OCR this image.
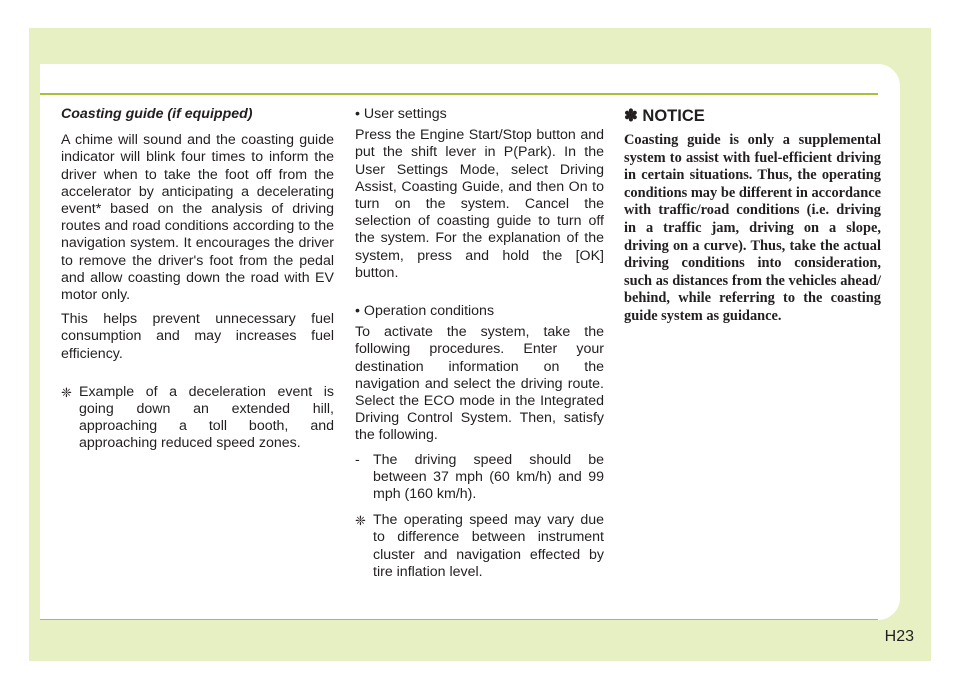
Coasting guide (if equipped)

A chime will sound and the coasting guide indicator will blink four times to inform the driver when to take the foot off from the accelerator by anticipating a decelerating event* based on the analysis of driving routes and road conditions according to the navigation system. It encourages the driver to remove the driver's foot from the pedal and allow coasting down the road with EV motor only.

This helps prevent unnecessary fuel consumption and may increases fuel efficiency.

❈ Example of a deceleration event is going down an extended hill, approaching a toll booth, and approaching reduced speed zones.

• User settings

Press the Engine Start/Stop button and put the shift lever in P(Park). In the User Settings Mode, select Driving Assist, Coasting Guide, and then On to turn on the system. Cancel the selection of coasting guide to turn off the system. For the explanation of the system, press and hold the [OK] button.

• Operation conditions

To activate the system, take the following procedures. Enter your destination information on the navigation and select the driving route. Select the ECO mode in the Integrated Driving Control System. Then, satisfy the following.

- The driving speed should be between 37 mph (60 km/h) and 99 mph (160 km/h).

❈ The operating speed may vary due to difference between instrument cluster and navigation effected by tire inflation level.

✽ NOTICE

Coasting guide is only a supplemental system to assist with fuel-efficient driving in certain situations. Thus, the operating conditions may be different in accordance with traffic/road conditions (i.e. driving in a traffic jam, driving on a slope, driving on a curve). Thus, take the actual driving conditions into consideration, such as distances from the vehicles ahead/ behind, while referring to the coasting guide system as guidance.

H23
